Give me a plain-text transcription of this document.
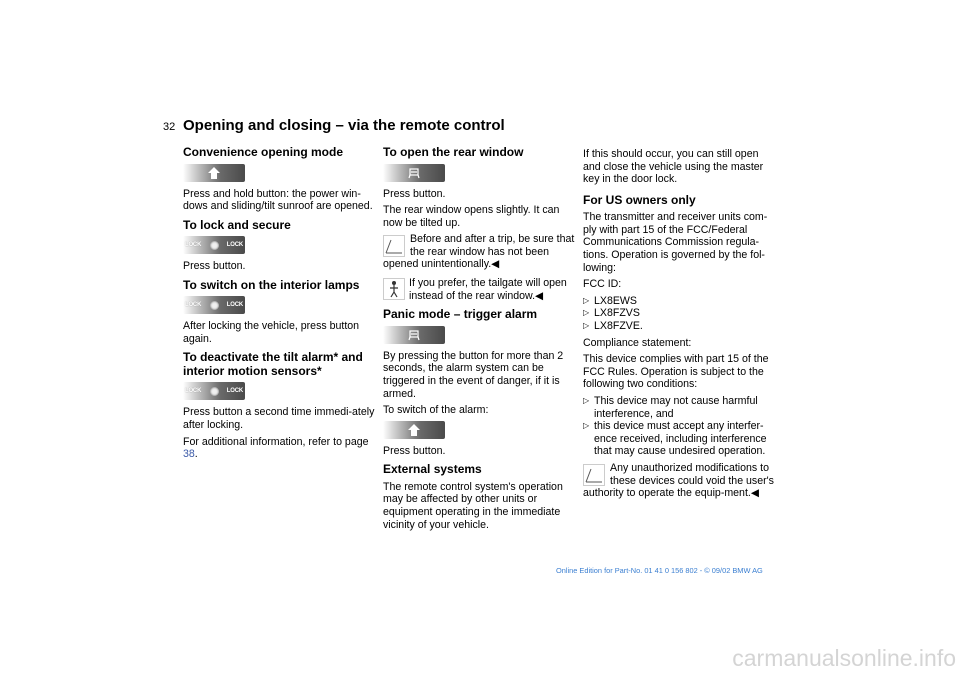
32 Opening and closing – via the remote control
Convenience opening mode

Press and hold button: the power win-dows and sliding/tilt sunroof are opened.

To lock and secure
LOCK	LOCK

Press button.

To switch on the interior lamps
LOCK	LOCK

After locking the vehicle, press button again.

To deactivate the tilt alarm* and interior motion sensors*
LOCK	LOCK

Press button a second time immedi-ately after locking.

For additional information, refer to page 38.

To open the rear window

Press button.

The rear window opens slightly. It can now be tilted up.

Before and after a trip, be sure that the rear window has not been opened unintentionally.◀
If you prefer, the tailgate will open instead of the rear window.◀
Panic mode – trigger alarm

By pressing the button for more than 2 seconds, the alarm system can be triggered in the event of danger, if it is armed.

To switch of the alarm:

Press button.

External systems

The remote control system's operation may be affected by other units or equipment operating in the immediate vicinity of your vehicle.

If this should occur, you can still open and close the vehicle using the master key in the door lock.

For US owners only

The transmitter and receiver units com-ply with part 15 of the FCC/Federal Communications Commission regula-tions. Operation is governed by the fol-lowing:

FCC ID:

▷ LX8EWS
▷ LX8FZVS
▷ LX8FZVE.

Compliance statement:

This device complies with part 15 of the FCC Rules. Operation is subject to the following two conditions:

▷ This device may not cause harmful interference, and
▷ this device must accept any interfer-ence received, including interference that may cause undesired operation.
Any unauthorized modifications to these devices could void the user's authority to operate the equip-ment.◀
Online Edition for Part-No. 01 41 0 156 802 - © 09/02 BMW AG
carmanualsonline.info
